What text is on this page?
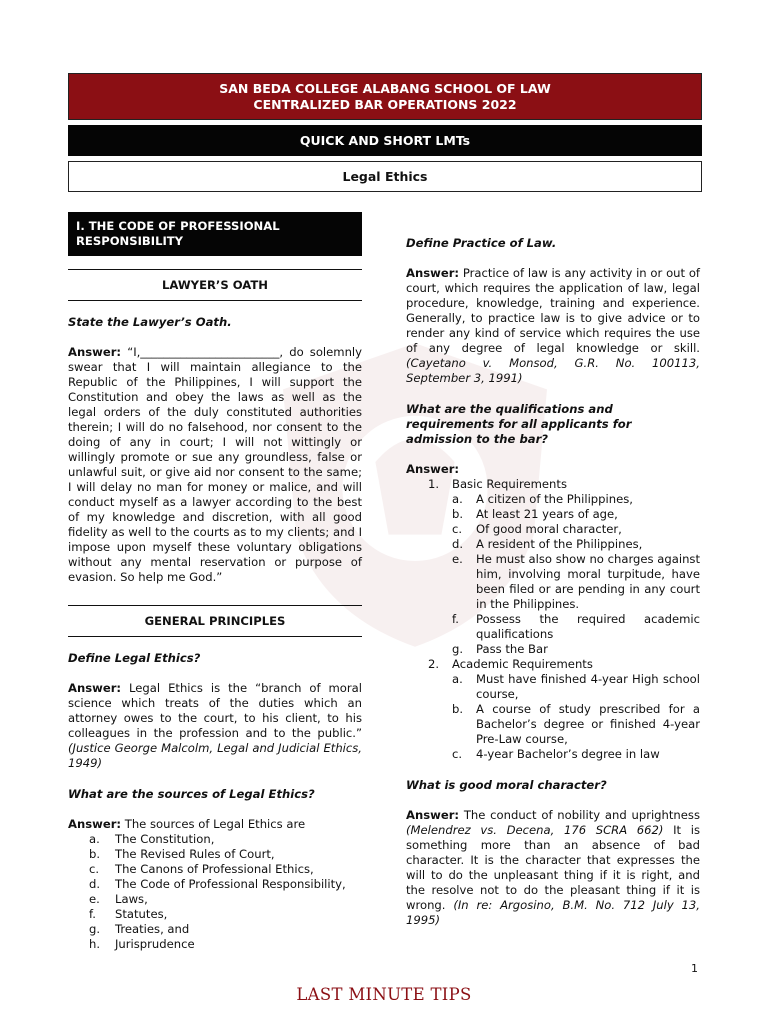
SAN BEDA COLLEGE ALABANG SCHOOL OF LAW
CENTRALIZED BAR OPERATIONS 2022
QUICK AND SHORT LMTs
Legal Ethics
I. THE CODE OF PROFESSIONAL RESPONSIBILITY
LAWYER’S OATH

State the Lawyer’s Oath.

Answer: “I,________________________, do solemnly swear that I will maintain allegiance to the Republic of the Philippines, I will support the Constitution and obey the laws as well as the legal orders of the duly constituted authorities therein; I will do no falsehood, nor consent to the doing of any in court; I will not wittingly or willingly promote or sue any groundless, false or unlawful suit, or give aid nor consent to the same; I will delay no man for money or malice, and will conduct myself as a lawyer according to the best of my knowledge and discretion, with all good fidelity as well to the courts as to my clients; and I impose upon myself these voluntary obligations without any mental reservation or purpose of evasion. So help me God.”

GENERAL PRINCIPLES

Define Legal Ethics?

Answer: Legal Ethics is the “branch of moral science which treats of the duties which an attorney owes to the court, to his client, to his colleagues in the profession and to the public.” (Justice George Malcolm, Legal and Judicial Ethics, 1949)

What are the sources of Legal Ethics?

Answer: The sources of Legal Ethics are

a.	The Constitution,
b.	The Revised Rules of Court,
c.	The Canons of Professional Ethics,
d.	The Code of Professional Responsibility,
e.	Laws,
f.	Statutes,
g.	Treaties, and
h.	Jurisprudence

Define Practice of Law.

Answer: Practice of law is any activity in or out of court, which requires the application of law, legal procedure, knowledge, training and experience. Generally, to practice law is to give advice or to render any kind of service which requires the use of any degree of legal knowledge or skill. (Cayetano v. Monsod, G.R. No. 100113, September 3, 1991)

What are the qualifications and requirements for all applicants for admission to the bar?

Answer:

1.	Basic Requirements
a.	A citizen of the Philippines,
b.	At least 21 years of age,
c.	Of good moral character,
d.	A resident of the Philippines,
e.	He must also show no charges against him, involving moral turpitude, have been filed or are pending in any court in the Philippines.
f.	Possess the required academic qualifications
g.	Pass the Bar
2.	Academic Requirements
a.	Must have finished 4-year High school course,
b.	A course of study prescribed for a Bachelor’s degree or finished 4-year Pre-Law course,
c.	4-year Bachelor’s degree in law

What is good moral character?

Answer: The conduct of nobility and uprightness (Melendrez vs. Decena, 176 SCRA 662) It is something more than an absence of bad character. It is the character that expresses the will to do the unpleasant thing if it is right, and the resolve not to do the pleasant thing if it is wrong. (In re: Argosino, B.M. No. 712 July 13, 1995)

1
LAST MINUTE TIPS
